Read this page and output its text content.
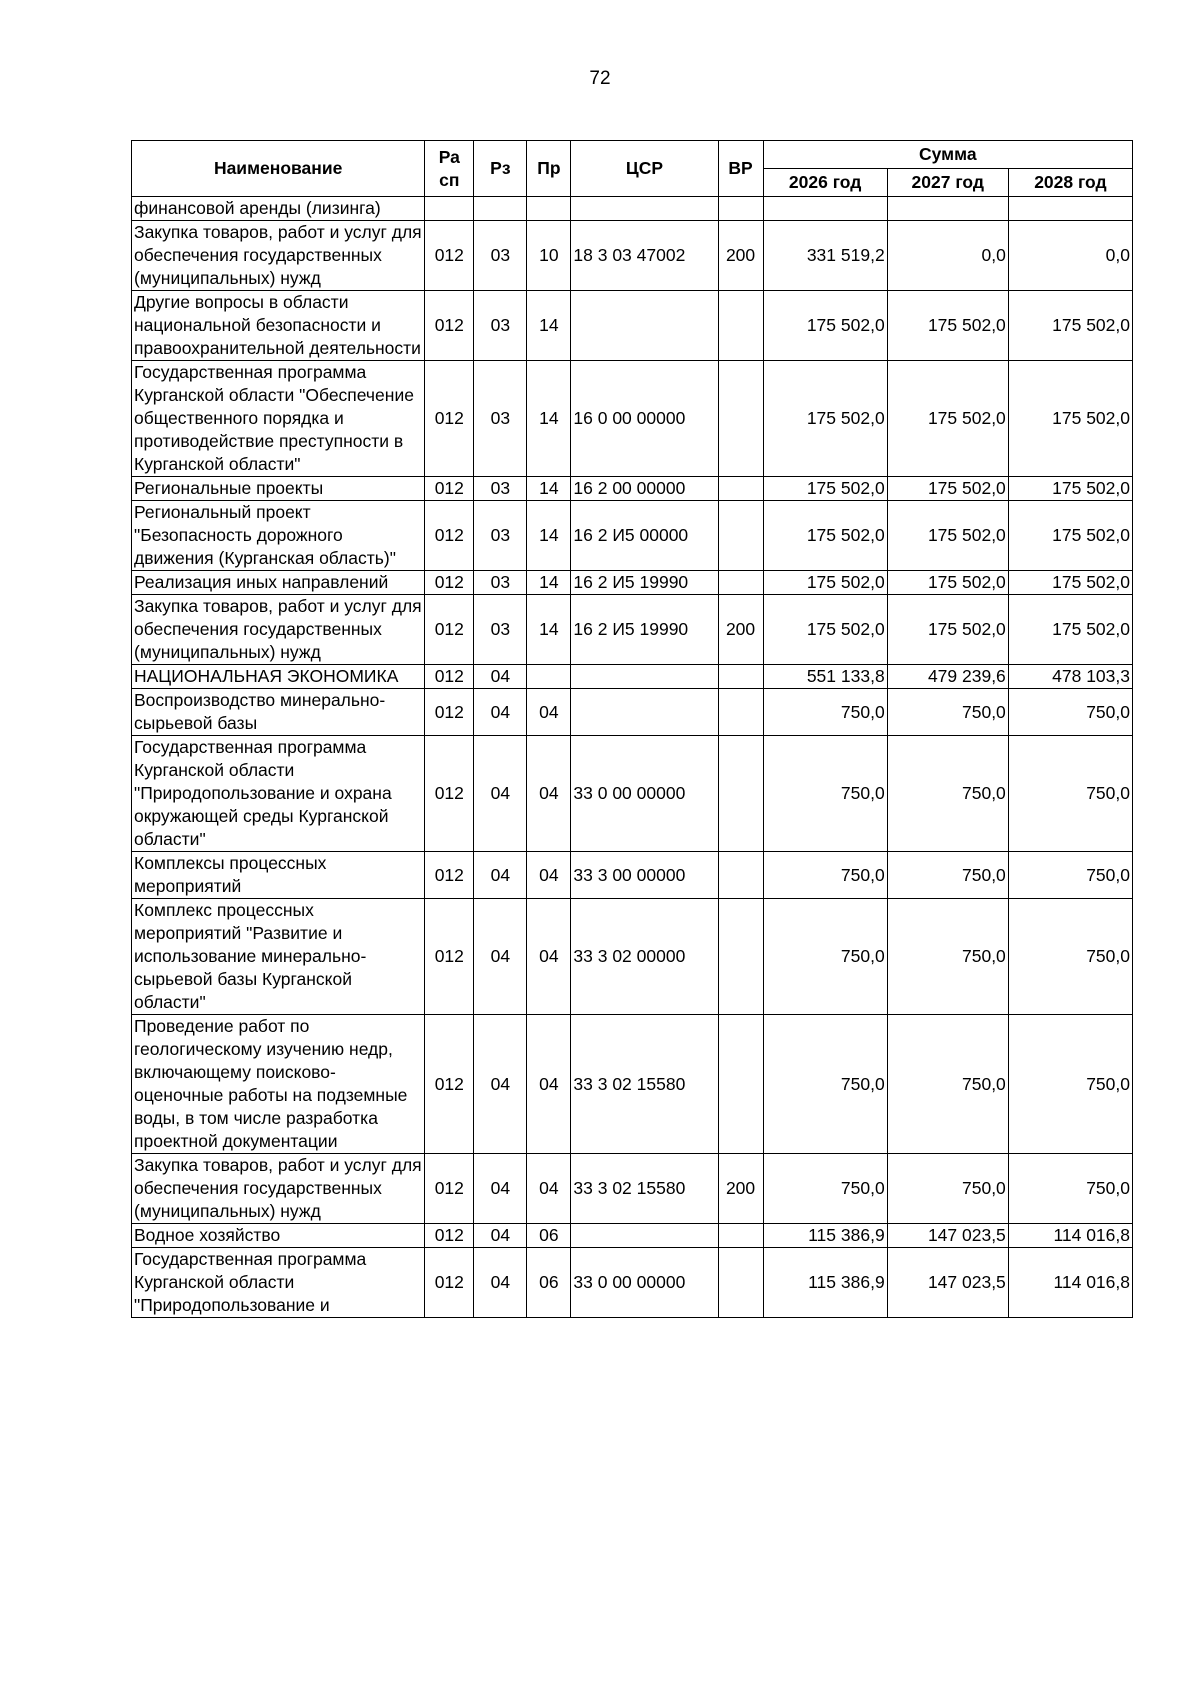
72
Наименование	Ра сп	Рз	Пр	ЦСР	ВР	Сумма		
						2026 год	2027 год	2028 год
финансовой аренды (лизинга)								
Закупка товаров, работ и услуг для обеспечения государственных (муниципальных) нужд	012	03	10	18 3 03 47002	200	331 519,2	0,0	0,0
Другие вопросы в области национальной безопасности и правоохранительной деятельности	012	03	14			175 502,0	175 502,0	175 502,0
Государственная программа Курганской области "Обеспечение общественного порядка и противодействие преступности в Курганской области"	012	03	14	16 0 00 00000		175 502,0	175 502,0	175 502,0
Региональные проекты	012	03	14	16 2 00 00000		175 502,0	175 502,0	175 502,0
Региональный проект "Безопасность дорожного движения (Курганская область)"	012	03	14	16 2 И5 00000		175 502,0	175 502,0	175 502,0
Реализация иных направлений	012	03	14	16 2 И5 19990		175 502,0	175 502,0	175 502,0
Закупка товаров, работ и услуг для обеспечения государственных (муниципальных) нужд	012	03	14	16 2 И5 19990	200	175 502,0	175 502,0	175 502,0
НАЦИОНАЛЬНАЯ ЭКОНОМИКА	012	04				551 133,8	479 239,6	478 103,3
Воспроизводство минерально-сырьевой базы	012	04	04			750,0	750,0	750,0
Государственная программа Курганской области "Природопользование и охрана окружающей среды Курганской области"	012	04	04	33 0 00 00000		750,0	750,0	750,0
Комплексы процессных мероприятий	012	04	04	33 3 00 00000		750,0	750,0	750,0
Комплекс процессных мероприятий "Развитие и использование минерально-сырьевой базы Курганской области"	012	04	04	33 3 02 00000		750,0	750,0	750,0
Проведение работ по геологическому изучению недр, включающему поисково-оценочные работы на подземные воды, в том числе разработка проектной документации	012	04	04	33 3 02 15580		750,0	750,0	750,0
Закупка товаров, работ и услуг для обеспечения государственных (муниципальных) нужд	012	04	04	33 3 02 15580	200	750,0	750,0	750,0
Водное хозяйство	012	04	06			115 386,9	147 023,5	114 016,8
Государственная программа Курганской области "Природопользование и	012	04	06	33 0 00 00000		115 386,9	147 023,5	114 016,8
